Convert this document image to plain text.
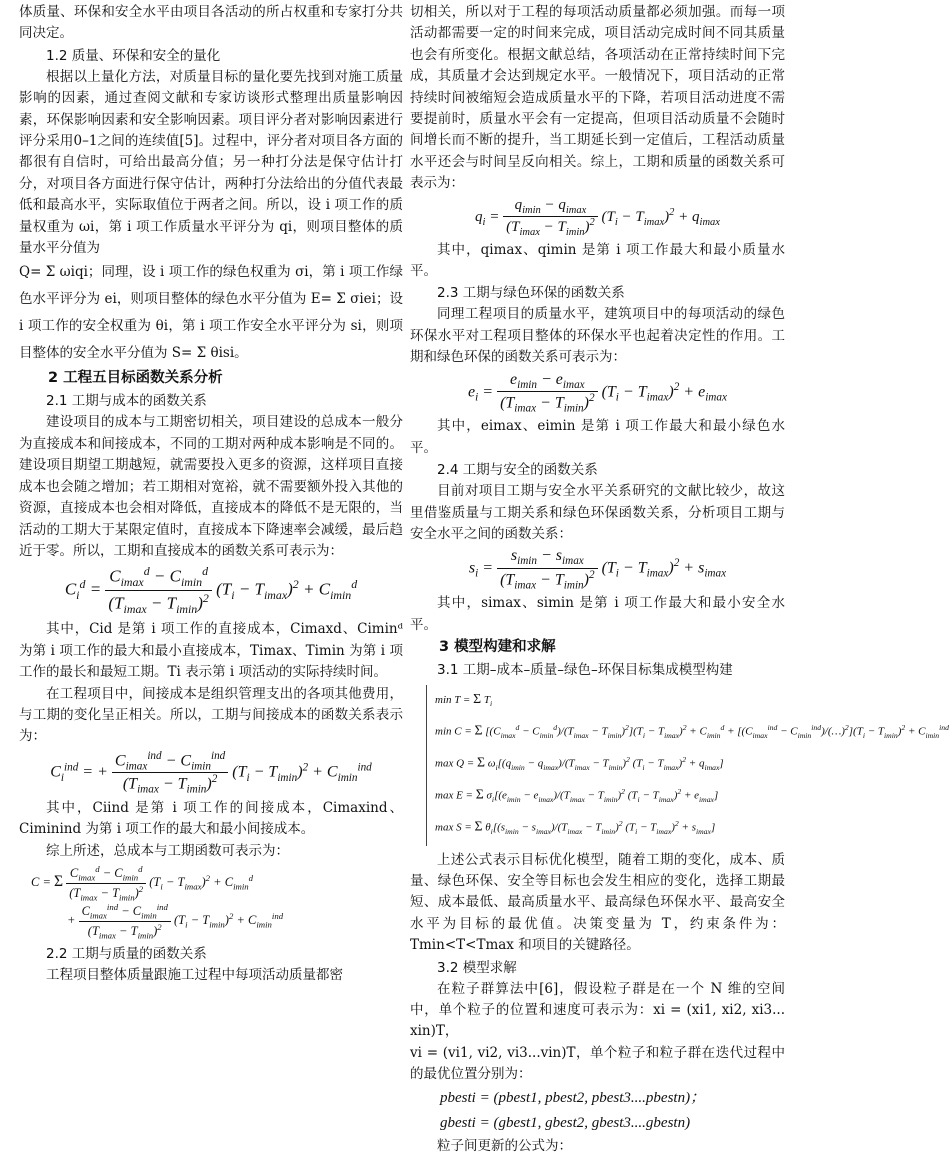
体质量、环保和安全水平由项目各活动的所占权重和专家打分共同决定。

1.2 质量、环保和安全的量化

根据以上量化方法，对质量目标的量化要先找到对施工质量影响的因素，通过查阅文献和专家访谈形式整理出质量影响因素，环保影响因素和安全影响因素。项目评分者对影响因素进行评分采用0–1之间的连续值[5]。过程中，评分者对项目各方面的都很有自信时，可给出最高分值；另一种打分法是保守估计打分，对项目各方面进行保守估计，两种打分法给出的分值代表最低和最高水平，实际取值位于两者之间。所以，设 i 项工作的质量权重为 ωi，第 i 项工作质量水平评分为 qi，则项目整体的质量水平分值为

Q= Σ ωiqi；同理，设 i 项工作的绿色权重为 σi，第 i 项工作绿色水平评分为 ei，则项目整体的绿色水平分值为 E= Σ σiei；设 i 项工作的安全权重为 θi，第 i 项工作安全水平评分为 si，则项目整体的安全水平分值为 S= Σ θisi。

2 工程五目标函数关系分析
2.1 工期与成本的函数关系

建设项目的成本与工期密切相关，项目建设的总成本一般分为直接成本和间接成本，不同的工期对两种成本影响是不同的。 建设项目期望工期越短，就需要投入更多的资源，这样项目直接成本也会随之增加；若工期相对宽裕，就不需要额外投入其他的资源，直接成本也会相对降低，直接成本的降低不是无限的，当活动的工期大于某限定值时，直接成本下降速率会减缓，最后趋近于零。所以，工期和直接成本的函数关系可表示为：

$C_i^d = \frac{C_{imax}^d - C_{imin}^d}{(T_{imax} - T_{imin})^2} (T_i - T_{imax})^2 + C_{imin}^d$

其中，Cid 是第 i 项工作的直接成本，Cimaxd、Ciminᵈ 为第 i 项工作的最大和最小直接成本，Timax、Timin 为第 i 项工作的最长和最短工期。Ti 表示第 i 项活动的实际持续时间。

在工程项目中，间接成本是组织管理支出的各项其他费用，与工期的变化呈正相关。所以，工期与间接成本的函数关系表示为：

$C_i^{ind}$ = + $\frac{C_{imax}^{ind} - C_{imin}^{ind}}{(T_{imax} - T_{imin})^2} (T_i - T_{imin})^2 + C_{imin}^{ind}$

其中，Ciind 是第 i 项工作的间接成本，Cimaxind、Ciminind 为第 i 项工作的最大和最小间接成本。

综上所述，总成本与工期函数可表示为：

C = Σ $\frac{C_{imax}^d - C_{imin}^d}{(T_{imax} - T_{imin})^2} (T_i - T_{imax})^2 + C_{imin}^d$
+ $\frac{C_{imax}^{ind} - C_{imin}^{ind}}{(T_{imax} - T_{imin})^2} (T_i - T_{imin})^2 + C_{imin}^{ind}$
2.2 工期与质量的函数关系

工程项目整体质量跟施工过程中每项活动质量都密

切相关，所以对于工程的每项活动质量都必须加强。而每一项活动都需要一定的时间来完成，项目活动完成时间不同其质量也会有所变化。根据文献总结，各项活动在正常持续时间下完成，其质量才会达到规定水平。一般情况下，项目活动的正常持续时间被缩短会造成质量水平的下降，若项目活动进度不需要提前时，质量水平会有一定提高，但项目活动质量不会随时间增长而不断的提升，当工期延长到一定值后，工程活动质量水平还会与时间呈反向相关。综上，工期和质量的函数关系可表示为：

$q_i = \frac{q_{imin} - q_{imax}}{(T_{imax} - T_{imin})^2} (T_i - T_{imax})^2 + q_{imax}$

其中，qimax、qimin 是第 i 项工作最大和最小质量水平。

2.3 工期与绿色环保的函数关系

同理工程项目的质量水平，建筑项目中的每项活动的绿色环保水平对工程项目整体的环保水平也起着决定性的作用。工期和绿色环保的函数关系可表示为：

$e_i = \frac{e_{imin} - e_{imax}}{(T_{imax} - T_{imin})^2} (T_i - T_{imax})^2 + e_{imax}$

其中，eimax、eimin 是第 i 项工作最大和最小绿色水平。

2.4 工期与安全的函数关系

目前对项目工期与安全水平关系研究的文献比较少，故这里借鉴质量与工期关系和绿色环保函数关系，分析项目工期与安全水平之间的函数关系：

$s_i = \frac{s_{imin} - s_{imax}}{(T_{imax} - T_{imin})^2} (T_i - T_{imax})^2 + s_{imax}$

其中，simax、simin 是第 i 项工作最大和最小安全水平。

3 模型构建和求解
3.1 工期–成本–质量–绿色–环保目标集成模型构建
min T = Σ $T_i$
min C = Σ $[(C_{imax}^d - C_{imin}^d)/(T_{imax} - T_{imin})^2](T_i - T_{imax})^2 + C_{imin}^d + [(C_{imax}^{ind}$ − $C_{imin}^{ind})/(\dots)^2](T_i - T_{imin})^2 + C_{imin}^{ind}$
max Q = Σ $\omega_i[(q_{imin} - q_{imax})/(T_{imax} - T_{imin})^2$ $(T_i - T_{imax})^2 + q_{imax}$]
max E = Σ $\sigma_i[(e_{imin} - e_{imax})/(T_{imax} - T_{imin})^2$ $(T_i - T_{imax})^2 + e_{imax}$]
max S = Σ $\theta_i[(s_{imin} - s_{imax})/(T_{imax} - T_{imin})^2$ $(T_i - T_{imax})^2 + s_{imax}$]

上述公式表示目标优化模型，随着工期的变化，成本、质量、绿色环保、安全等目标也会发生相应的变化，选择工期最短、成本最低、最高质量水平、最高绿色环保水平、最高安全水平为目标的最优值。决策变量为 T，约束条件为：Tmin<T<Tmax 和项目的关键路径。

3.2 模型求解

在粒子群算法中[6]，假设粒子群是在一个 N 维的空间中，单个粒子的位置和速度可表示为：xi = (xi1, xi2, xi3... xin)T，

vi = (vi1, vi2, vi3...vin)T，单个粒子和粒子群在迭代过程中的最优位置分别为：

pbesti = (pbest1, pbest2, pbest3....pbestn)；

gbesti = (gbest1, gbest2, gbest3....gbestn)

粒子间更新的公式为：
